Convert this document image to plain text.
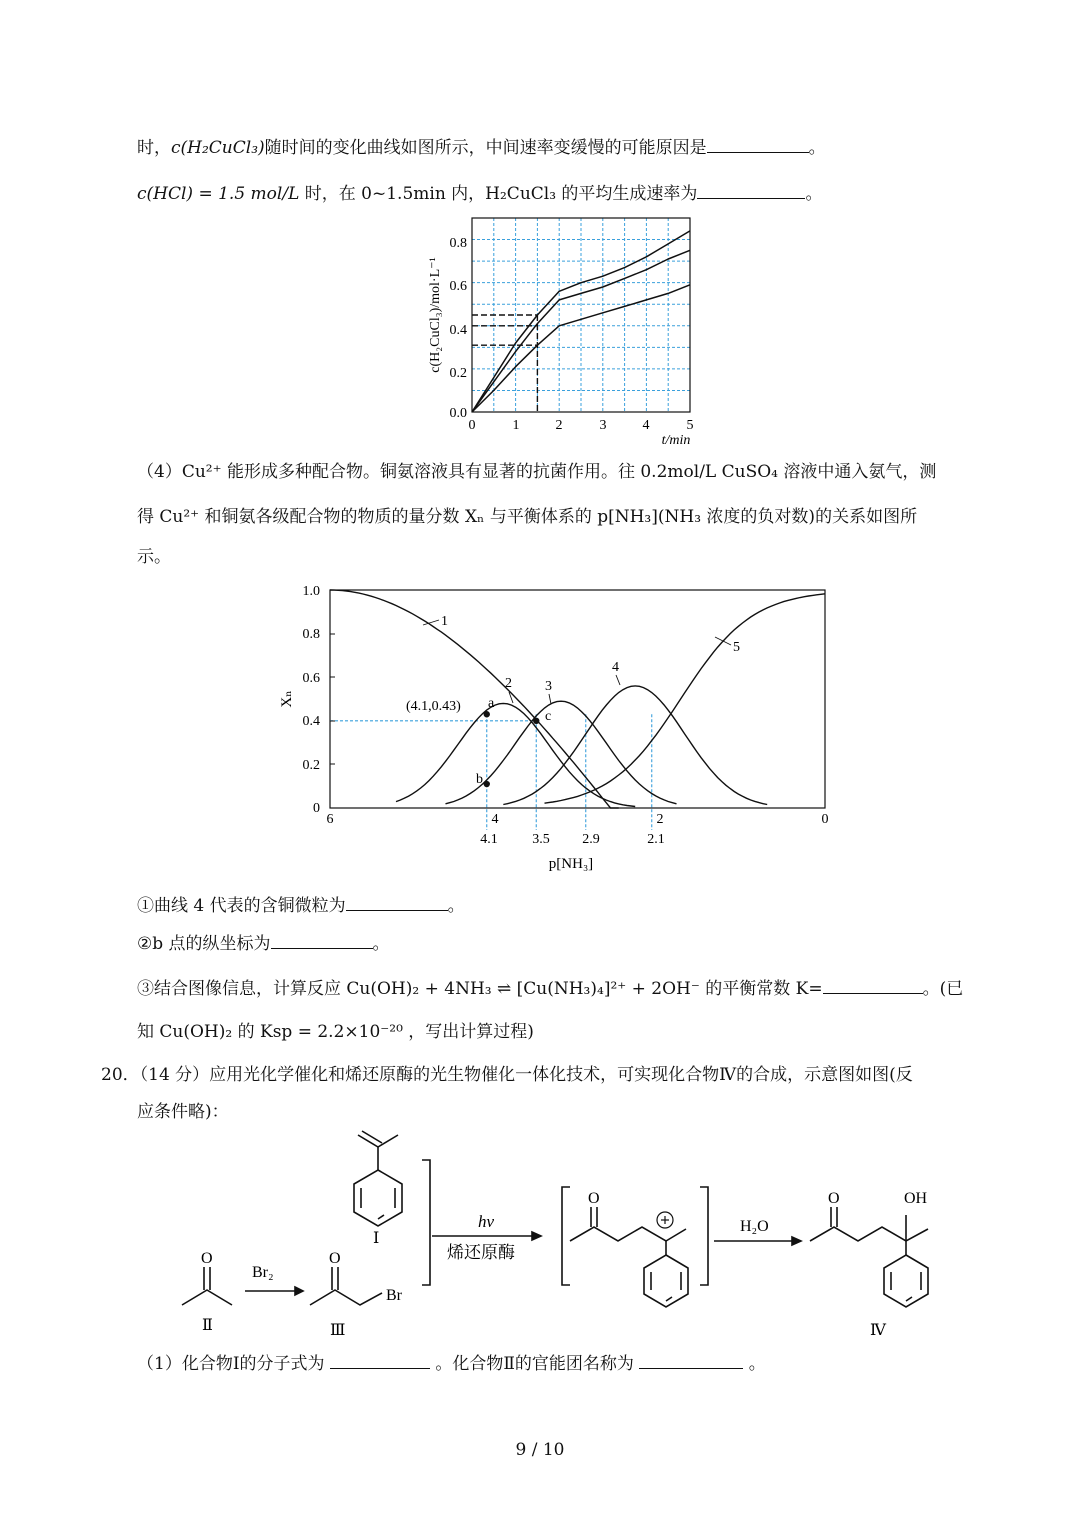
时，c(H₂CuCl₃)随时间的变化曲线如图所示，中间速率变缓慢的可能原因是	。
c(HCl) = 1.5 mol/L 时，在 0~1.5min 内，H₂CuCl₃ 的平均生成速率为	。
0.0
0.2
0.4
0.6
0.8
0	1	2	3	4	5
t/min
c(H₂CuCl₃)/mol·L⁻¹
（4）Cu²⁺ 能形成多种配合物。铜氨溶液具有显著的抗菌作用。往 0.2mol/L CuSO₄ 溶液中通入氨气，测
得 Cu²⁺ 和铜氨各级配合物的物质的量分数 Xₙ 与平衡体系的 p[NH₃](NH₃ 浓度的负对数)的关系如图所
示。
0
0.2
0.4
0.6
0.8
1.0
6	4	2	0
4.1 3.5 2.9	2.1
p[NH₃]
Xₙ
1
2 3
4
5
a
b
c
(4.1,0.43)
①曲线 4 代表的含铜微粒为	。
②b 点的纵坐标为	。
③结合图像信息，计算反应 Cu(OH)₂ + 4NH₃ ⇌ [Cu(NH₃)₄]²⁺ + 2OH⁻ 的平衡常数 K=	。(已
知 Cu(OH)₂ 的 Ksp = 2.2×10⁻²⁰ ，写出计算过程)
20．（14 分）应用光化学催化和烯还原酶的光生物催化一体化技术，可实现化合物Ⅳ的合成，示意图如图(反
应条件略)：
Ⅰ
Ⅱ	Ⅲ	Ⅳ
Br₂
hv
烯还原酶
H₂O
O	O
Br
O	O	OH
（1）化合物Ⅰ的分子式为	。化合物Ⅱ的官能团名称为	。
9 / 10
